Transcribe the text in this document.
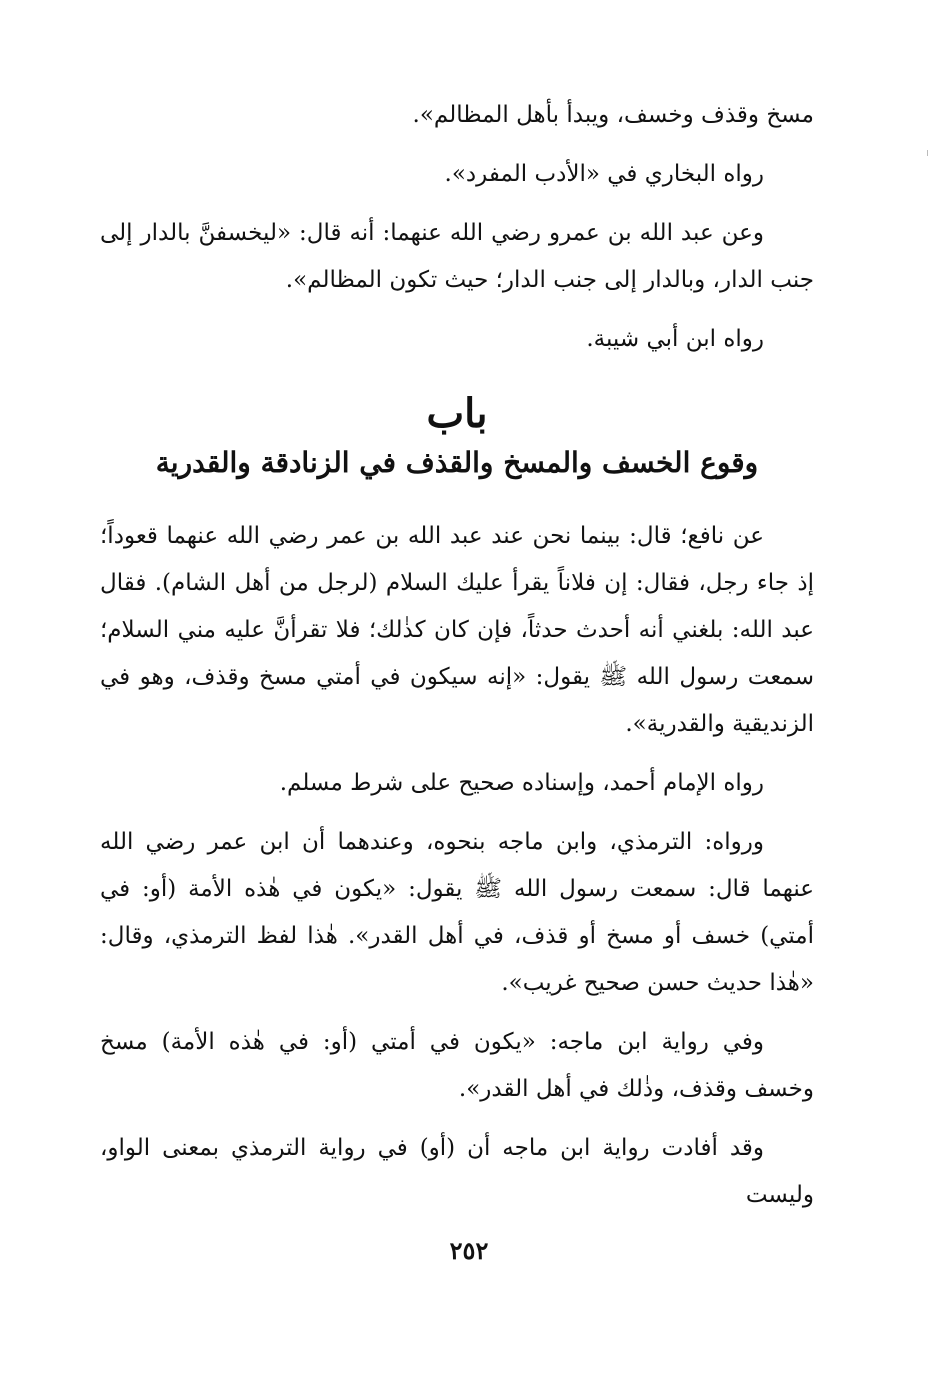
مسخ وقذف وخسف، ويبدأ بأهل المظالم».

رواه البخاري في «الأدب المفرد».

وعن عبد الله بن عمرو رضي الله عنهما: أنه قال: «ليخسفنَّ بالدار إلى جنب الدار، وبالدار إلى جنب الدار؛ حيث تكون المظالم».

رواه ابن أبي شيبة.

باب
وقوع الخسف والمسخ والقذف في الزنادقة والقدرية

عن نافع؛ قال: بينما نحن عند عبد الله بن عمر رضي الله عنهما قعوداً؛ إذ جاء رجل، فقال: إن فلاناً يقرأ عليك السلام (لرجل من أهل الشام). فقال عبد الله: بلغني أنه أحدث حدثاً، فإن كان كذٰلك؛ فلا تقرأنَّ عليه مني السلام؛ سمعت رسول الله ﷺ يقول: «إنه سيكون في أمتي مسخ وقذف، وهو في الزنديقية والقدرية».

رواه الإمام أحمد، وإسناده صحيح على شرط مسلم.

ورواه: الترمذي، وابن ماجه بنحوه، وعندهما أن ابن عمر رضي الله عنهما قال: سمعت رسول الله ﷺ يقول: «يكون في هٰذه الأمة (أو: في أمتي) خسف أو مسخ أو قذف، في أهل القدر». هٰذا لفظ الترمذي، وقال: «هٰذا حديث حسن صحيح غريب».

وفي رواية ابن ماجه: «يكون في أمتي (أو: في هٰذه الأمة) مسخ وخسف وقذف، وذٰلك في أهل القدر».

وقد أفادت رواية ابن ماجه أن (أو) في رواية الترمذي بمعنى الواو، وليست

٢٥٢
